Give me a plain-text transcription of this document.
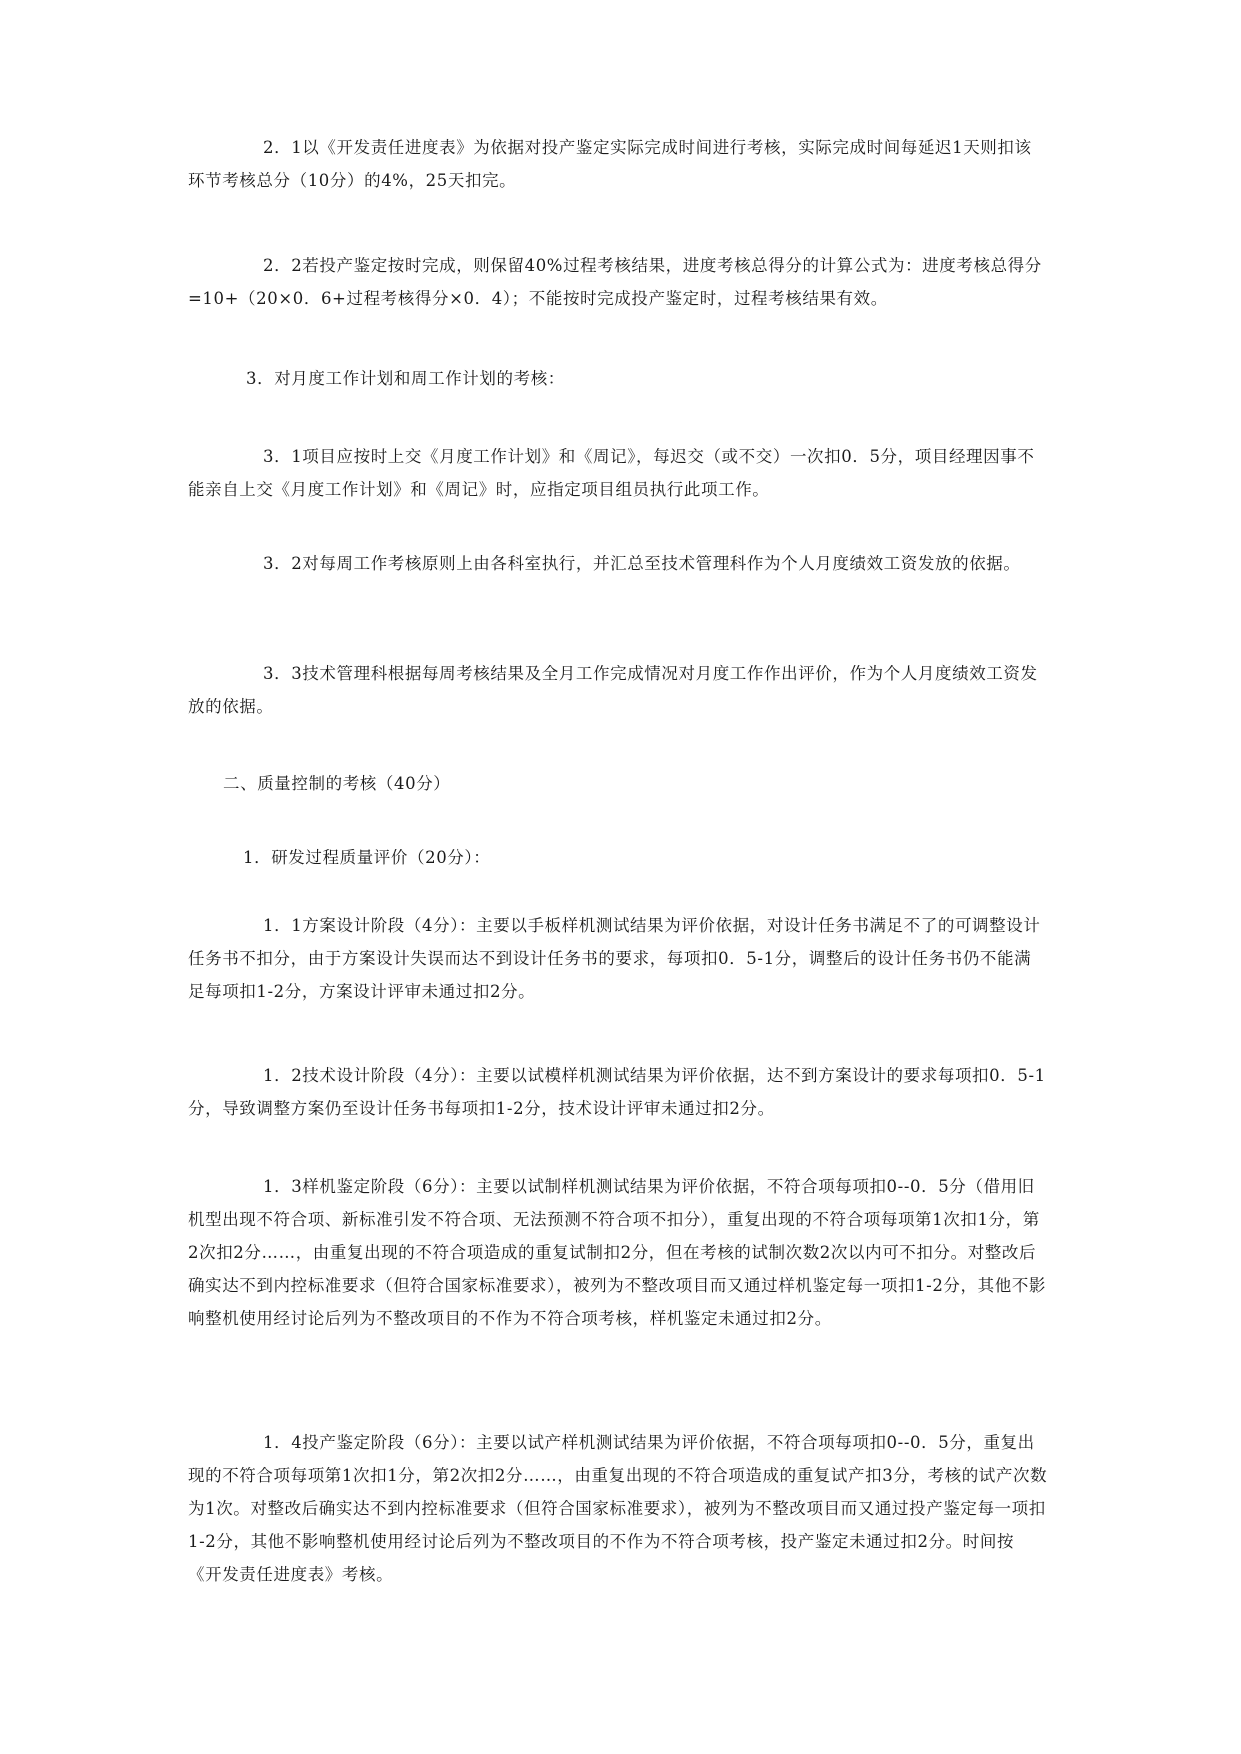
2．1以《开发责任进度表》为依据对投产鉴定实际完成时间进行考核，实际完成时间每延迟1天则扣该环节考核总分（10分）的4%，25天扣完。

2．2若投产鉴定按时完成，则保留40%过程考核结果，进度考核总得分的计算公式为：进度考核总得分=10+（20×0．6+过程考核得分×0．4）；不能按时完成投产鉴定时，过程考核结果有效。

3．对月度工作计划和周工作计划的考核：

3．1项目应按时上交《月度工作计划》和《周记》，每迟交（或不交）一次扣0．5分，项目经理因事不能亲自上交《月度工作计划》和《周记》时，应指定项目组员执行此项工作。

3．2对每周工作考核原则上由各科室执行，并汇总至技术管理科作为个人月度绩效工资发放的依据。

3．3技术管理科根据每周考核结果及全月工作完成情况对月度工作作出评价，作为个人月度绩效工资发放的依据。

二、质量控制的考核（40分）

1．研发过程质量评价（20分）：

1．1方案设计阶段（4分）：主要以手板样机测试结果为评价依据，对设计任务书满足不了的可调整设计任务书不扣分，由于方案设计失误而达不到设计任务书的要求，每项扣0．5-1分，调整后的设计任务书仍不能满足每项扣1-2分，方案设计评审未通过扣2分。

1．2技术设计阶段（4分）：主要以试模样机测试结果为评价依据，达不到方案设计的要求每项扣0．5-1分，导致调整方案仍至设计任务书每项扣1-2分，技术设计评审未通过扣2分。

1．3样机鉴定阶段（6分）：主要以试制样机测试结果为评价依据，不符合项每项扣0--0．5分（借用旧机型出现不符合项、新标准引发不符合项、无法预测不符合项不扣分），重复出现的不符合项每项第1次扣1分，第2次扣2分……，由重复出现的不符合项造成的重复试制扣2分，但在考核的试制次数2次以内可不扣分。对整改后确实达不到内控标准要求（但符合国家标准要求），被列为不整改项目而又通过样机鉴定每一项扣1-2分，其他不影响整机使用经讨论后列为不整改项目的不作为不符合项考核，样机鉴定未通过扣2分。

1．4投产鉴定阶段（6分）：主要以试产样机测试结果为评价依据，不符合项每项扣0--0．5分，重复出现的不符合项每项第1次扣1分，第2次扣2分……，由重复出现的不符合项造成的重复试产扣3分，考核的试产次数为1次。对整改后确实达不到内控标准要求（但符合国家标准要求），被列为不整改项目而又通过投产鉴定每一项扣1-2分，其他不影响整机使用经讨论后列为不整改项目的不作为不符合项考核，投产鉴定未通过扣2分。时间按《开发责任进度表》考核。
